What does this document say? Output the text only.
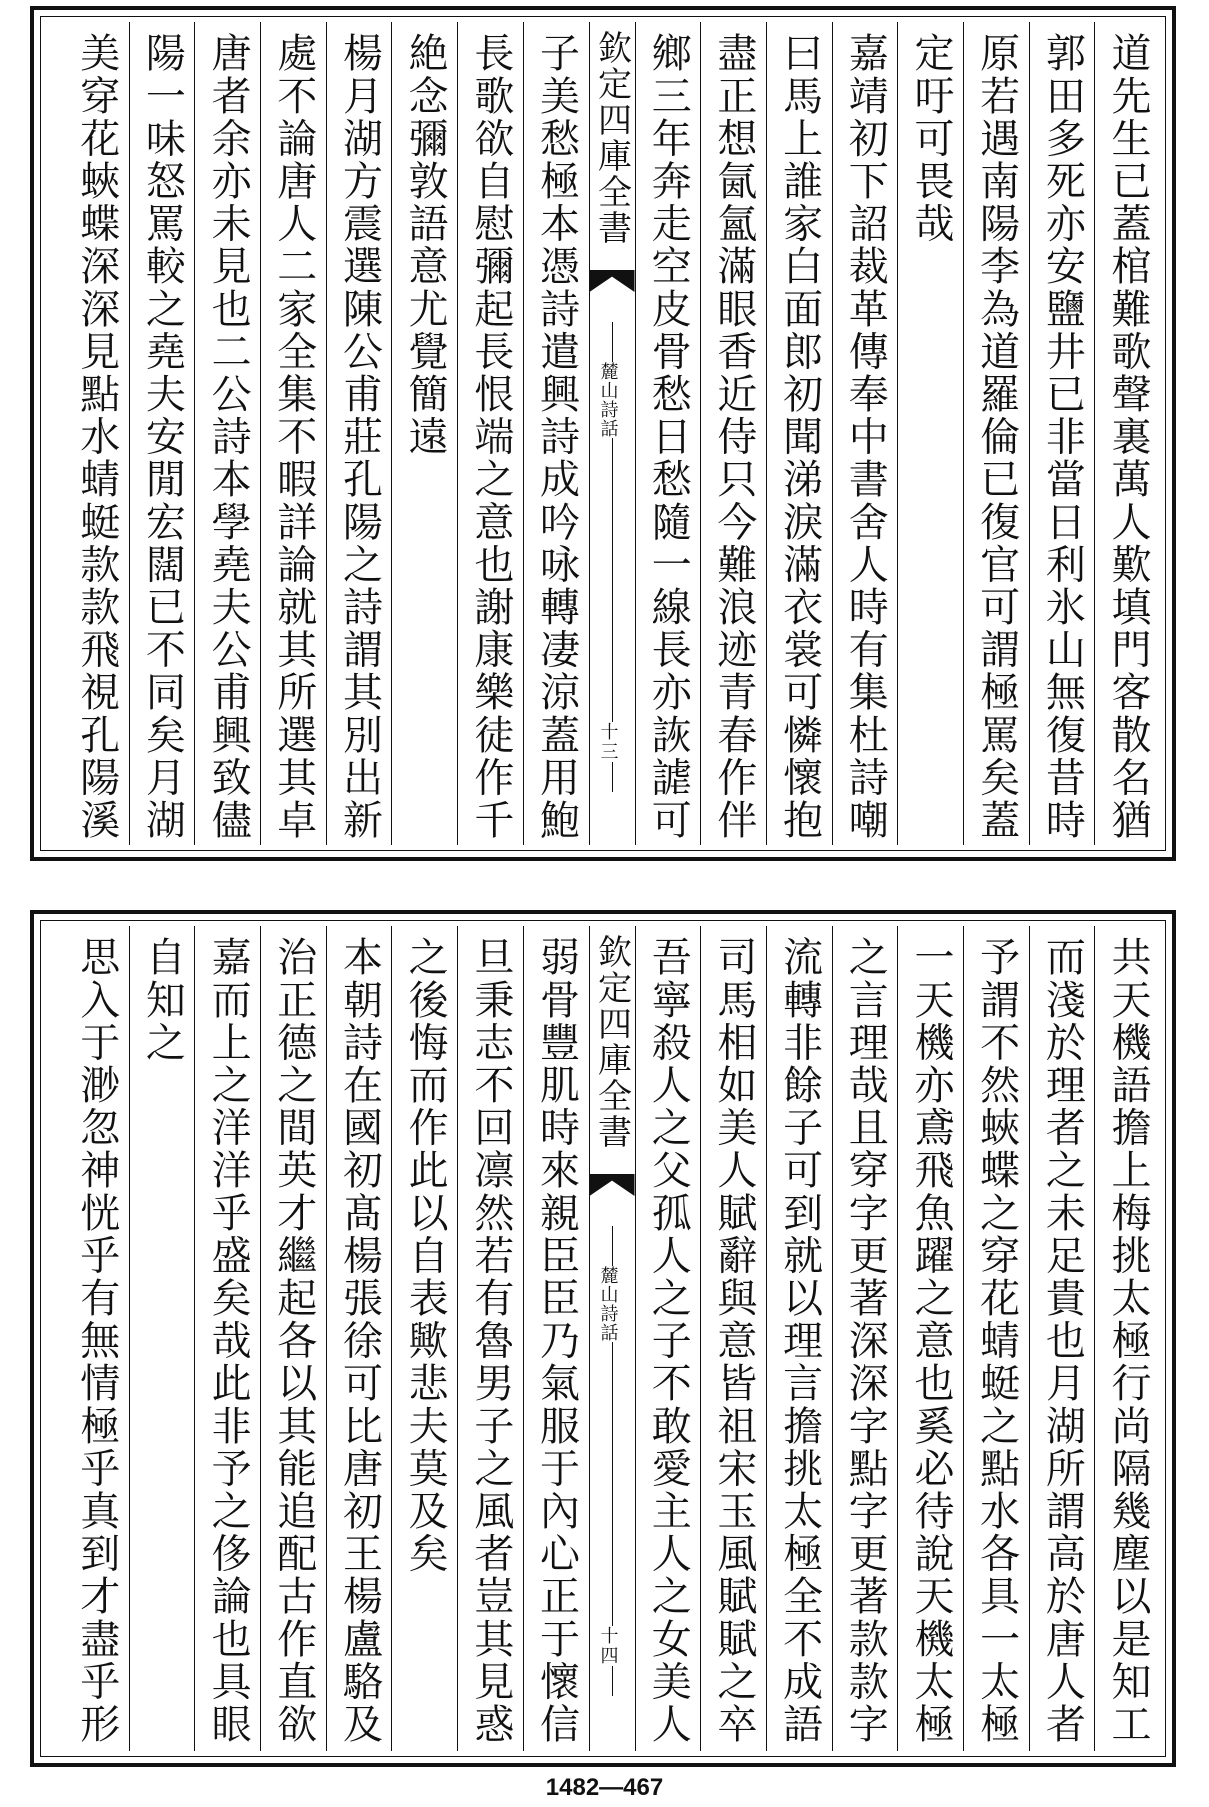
道先生已蓋棺難歌聲裏萬人歎填門客散名猶
郭田多死亦安鹽井已非當日利氷山無復昔時
原若遇南陽李為道羅倫已復官可謂極罵矣蓋
定吁可畏哉
嘉靖初下詔裁革傳奉中書舍人時有集杜詩嘲
曰馬上誰家白面郎初聞涕淚滿衣裳可憐懷抱
盡正想氤氳滿眼香近侍只今難浪迹青春作伴
鄉三年奔走空皮骨愁日愁隨一線長亦詼謔可
欽定四庫全書
麓山詩話
十三
子美愁極本憑詩遣興詩成吟咏轉凄涼蓋用鮑
長歌欲自慰彌起長恨端之意也謝康樂徒作千
絶念彌敦語意尤覺簡遠
楊月湖方震選陳公甫莊孔陽之詩謂其別出新
處不論唐人二家全集不暇詳論就其所選其卓
唐者余亦未見也二公詩本學堯夫公甫興致儘
陽一味怒罵較之堯夫安閒宏闊已不同矣月湖
美穿花蛺蝶深深見點水蜻蜓款款飛視孔陽溪
共天機語擔上梅挑太極行尚隔幾塵以是知工
而淺於理者之未足貴也月湖所謂高於唐人者
予謂不然蛺蝶之穿花蜻蜓之點水各具一太極
一天機亦鳶飛魚躍之意也奚必待說天機太極
之言理哉且穿字更著深深字點字更著款款字
流轉非餘子可到就以理言擔挑太極全不成語
司馬相如美人賦辭與意皆祖宋玉風賦賦之卒
吾寧殺人之父孤人之子不敢愛主人之女美人
欽定四庫全書
麓山詩話
十四
弱骨豐肌時來親臣臣乃氣服于內心正于懷信
旦秉志不回凛然若有魯男子之風者豈其見惑
之後悔而作此以自表歟悲夫莫及矣
本朝詩在國初髙楊張徐可比唐初王楊盧駱及
治正德之間英才繼起各以其能追配古作直欲
嘉而上之洋洋乎盛矣哉此非予之侈論也具眼
自知之
思入于渺忽神恍乎有無情極乎真到才盡乎形
1482—467
